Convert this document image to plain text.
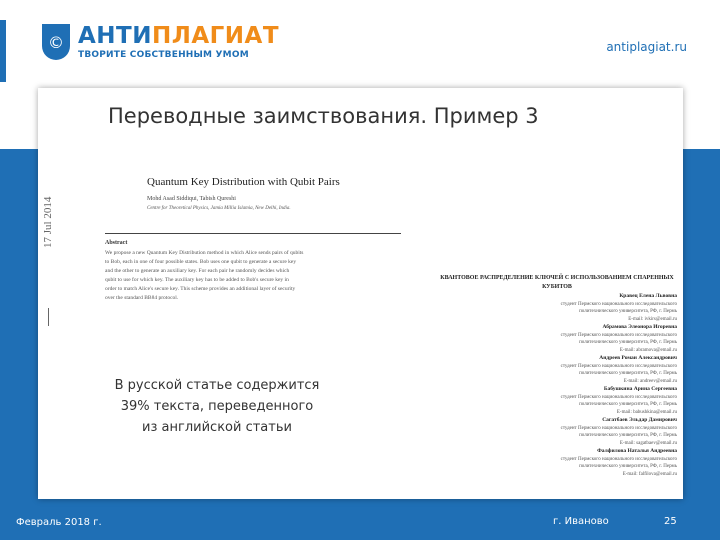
© АНТИПЛАГИАТ
ТВОРИТЕ СОБСТВЕННЫМ УМОМ
antiplagiat.ru
Переводные заимствования. Пример 3
17 Jul 2014
Quantum Key Distribution with Qubit Pairs
Mohd Asad Siddiqui, Tabish Qureshi
Centre for Theoretical Physics, Jamia Millia Islamia, New Delhi, India.
Abstract
We propose a new Quantum Key Distribution method in which Alice sends pairs of qubits
to Bob, each in one of four possible states. Bob uses one qubit to generate a secure key
and the other to generate an auxiliary key. For each pair he randomly decides which
qubit to use for which key. The auxiliary key has to be added to Bob's secure key in
order to match Alice's secure key. This scheme provides an additional layer of security
over the standard BB84 protocol.
КВАНТОВОЕ РАСПРЕДЕЛЕНИЕ КЛЮЧЕЙ С ИСПОЛЬЗОВАНИЕМ СПАРЕННЫХ КУБИТОВ
Кравец Елена Львовна
студент Пермского национального исследовательского
политехнического университета, РФ, г. Пермь
E-mail: ivkirs@email.ru
Абрамова Элеонора Игоревна
студент Пермского национального исследовательского
политехнического университета, РФ, г. Пермь
E-mail: abramova@email.ru
Андреев Роман Александрович
студент Пермского национального исследовательского
политехнического университета, РФ, г. Пермь
E-mail: andreev@email.ru
Бабушкина Арина Сергеевна
студент Пермского национального исследовательского
политехнического университета, РФ, г. Пермь
E-mail: babushkina@email.ru
Сагатбаев Эльдар Дамирович
студент Пермского национального исследовательского
политехнического университета, РФ, г. Пермь
E-mail: sagatbaev@email.ru
Фалфилова Наталья Андреевна
студент Пермского национального исследовательского
политехнического университета, РФ, г. Пермь
E-mail: falfilova@email.ru
В русской статье содержится 39% текста, переведенного из английской статьи
Февраль 2018 г.	г. Иваново	25
